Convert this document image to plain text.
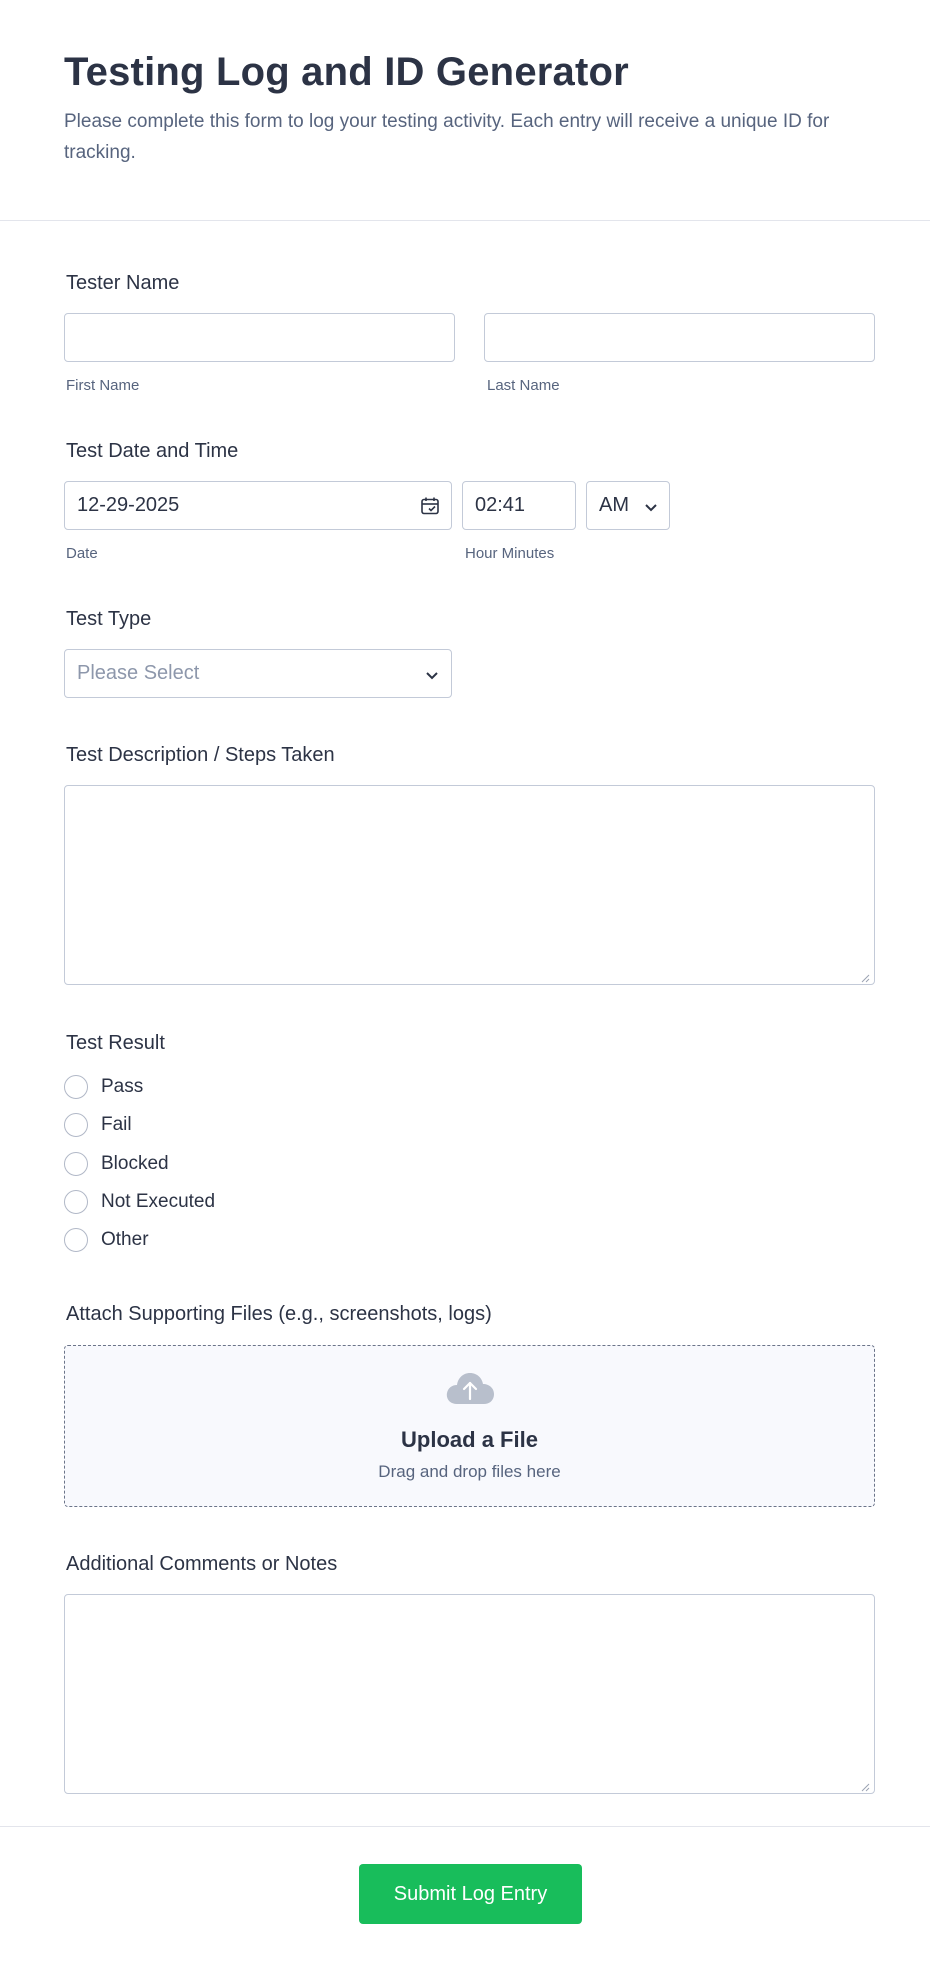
Testing Log and ID Generator

Please complete this form to log your testing activity. Each entry will receive a unique ID for tracking.

Tester Name
First Name	Last Name
Test Date and Time
12-29-2025	02:41	AM
Date	Hour Minutes
Test Type
Please Select
Test Description / Steps Taken
Test Result
Pass
Fail
Blocked
Not Executed
Other
Attach Supporting Files (e.g., screenshots, logs)
Upload a File
Drag and drop files here
Additional Comments or Notes
Submit Log Entry
